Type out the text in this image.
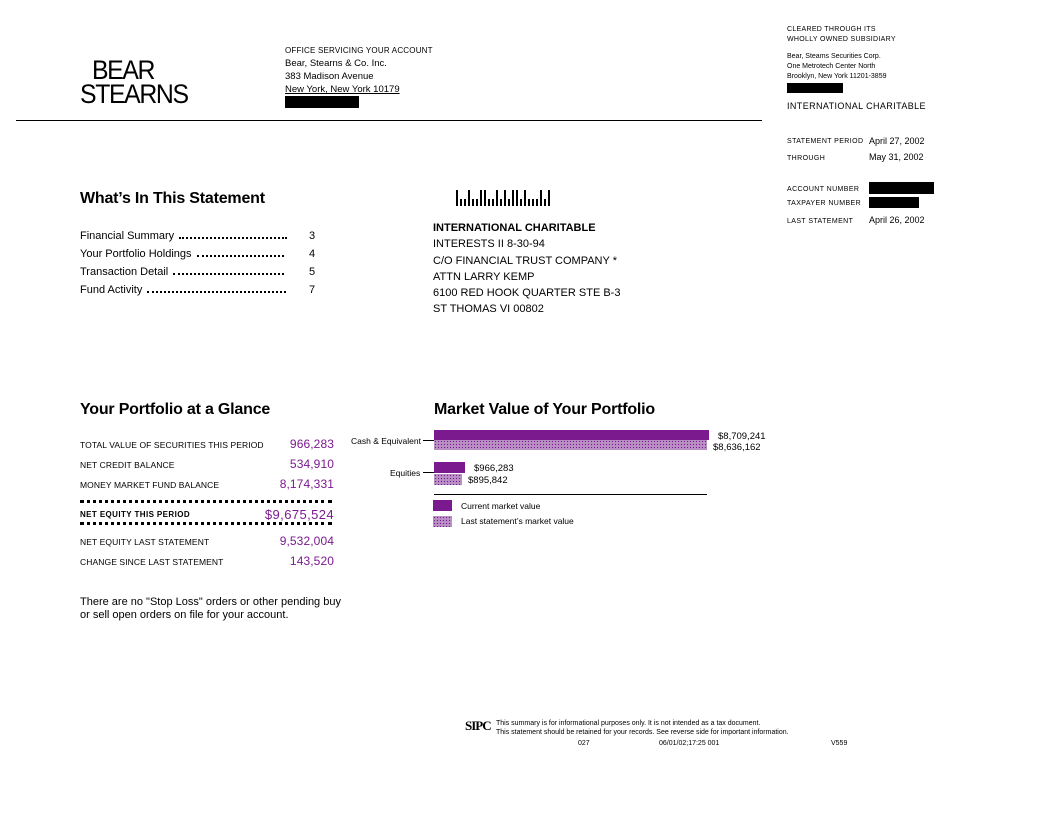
BEAR
STEARNS
OFFICE SERVICING YOUR ACCOUNT
Bear, Stearns & Co. Inc.
383 Madison Avenue
New York, New York 10179
CLEARED THROUGH ITS
WHOLLY OWNED SUBSIDIARY
Bear, Steams Securities Corp.
One Metrotech Center North
Brooklyn, New York 11201-3859
INTERNATIONAL CHARITABLE
STATEMENT PERIOD April 27, 2002
THROUGH	May 31, 2002
ACCOUNT NUMBER
TAXPAYER NUMBER
LAST STATEMENT April 26, 2002
What’s In This Statement
Financial Summary	3
Your Portfolio Holdings	4
Transaction Detail	5
Fund Activity	7
INTERNATIONAL CHARITABLE
INTERESTS II 8-30-94
C/O FINANCIAL TRUST COMPANY *
ATTN LARRY KEMP
6100 RED HOOK QUARTER STE B-3
ST THOMAS VI 00802
Your Portfolio at a Glance
TOTAL VALUE OF SECURITIES THIS PERIOD 966,283
NET CREDIT BALANCE	534,910
MONEY MARKET FUND BALANCE	8,174,331
NET EQUITY THIS PERIOD	$9,675,524
NET EQUITY LAST STATEMENT	9,532,004
CHANGE SINCE LAST STATEMENT	143,520
There are no "Stop Loss" orders or other pending buy
or sell open orders on file for your account.
Market Value of Your Portfolio
Cash & Equivalent
Equities
$8,709,241
$8,636,162
$966,283
$895,842
Current market value
Last statement’s market value
SIPC This summary is for informational purposes only. It is not intended as a tax document.
This statement should be retained for your records. See reverse side for important information.
027	06/01/02;17:25 001	V559
